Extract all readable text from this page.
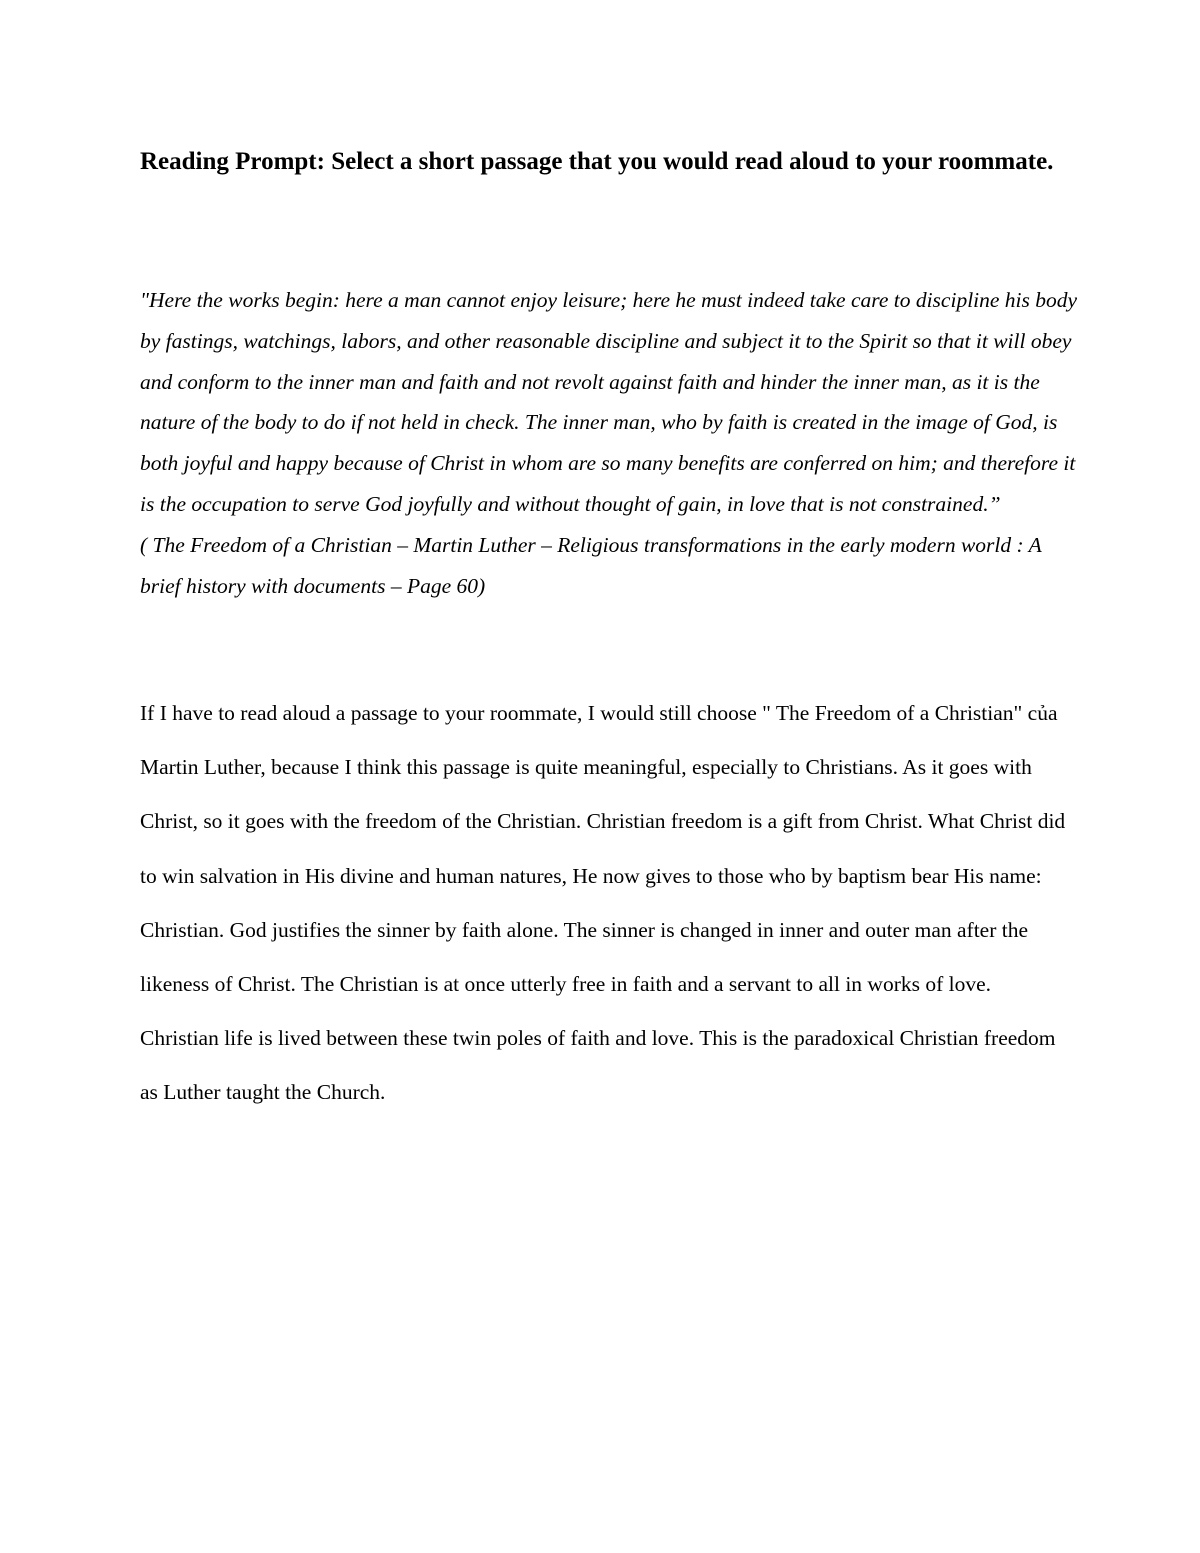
Reading Prompt: Select a short passage that you would read aloud to your roommate.

"Here the works begin: here a man cannot enjoy leisure; here he must indeed take care to discipline his body by fastings, watchings, labors, and other reasonable discipline and subject it to the Spirit so that it will obey and conform to the inner man and faith and not revolt against faith and hinder the inner man, as it is the nature of the body to do if not held in check. The inner man, who by faith is created in the image of God, is both joyful and happy because of Christ in whom are so many benefits are conferred on him; and therefore it is the occupation to serve God joyfully and without thought of gain, in love that is not constrained.”

( The Freedom of a Christian – Martin Luther – Religious transformations in the early modern world : A brief history with documents – Page 60)

If I have to read aloud a passage to your roommate, I would still choose " The Freedom of a Christian" của Martin Luther, because I think this passage is quite meaningful, especially to Christians. As it goes with Christ, so it goes with the freedom of the Christian. Christian freedom is a gift from Christ. What Christ did to win salvation in His divine and human natures, He now gives to those who by baptism bear His name: Christian. God justifies the sinner by faith alone. The sinner is changed in inner and outer man after the likeness of Christ. The Christian is at once utterly free in faith and a servant to all in works of love. Christian life is lived between these twin poles of faith and love. This is the paradoxical Christian freedom as Luther taught the Church.
